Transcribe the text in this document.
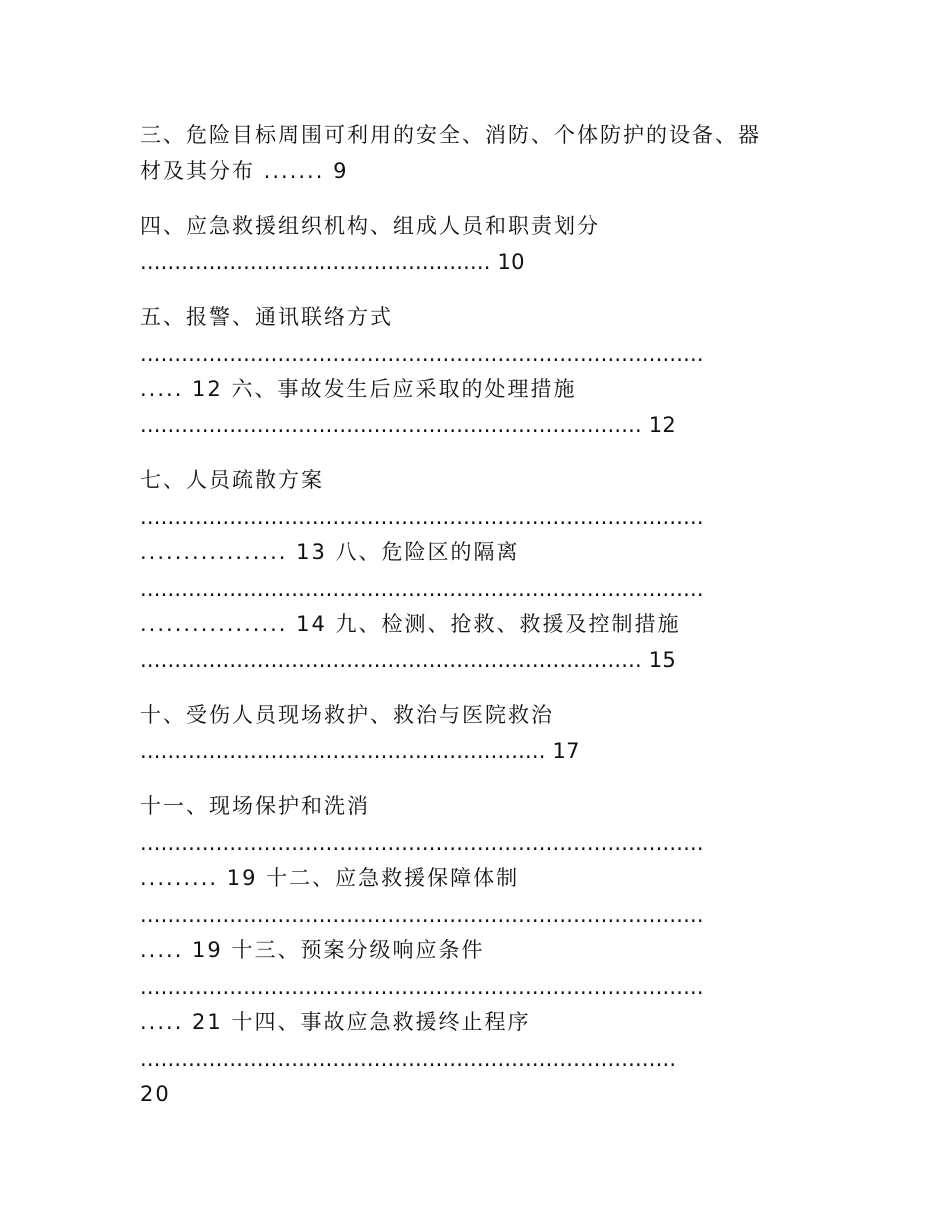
三、危险目标周围可利用的安全、消防、个体防护的设备、器
材及其分布 ....... 9
四、应急救援组织机构、组成人员和职责划分
................................................... 10
五、报警、通讯联络方式
..................................................................................
..... 12 六、事故发生后应采取的处理措施
......................................................................... 12
七、人员疏散方案
..................................................................................
................. 13 八、危险区的隔离
..................................................................................
................. 14 九、检测、抢救、救援及控制措施
......................................................................... 15
十、受伤人员现场救护、救治与医院救治
........................................................... 17
十一、现场保护和洗消
..................................................................................
......... 19 十二、应急救援保障体制
..................................................................................
..... 19 十三、预案分级响应条件
..................................................................................
..... 21 十四、事故应急救援终止程序
..............................................................................
20
